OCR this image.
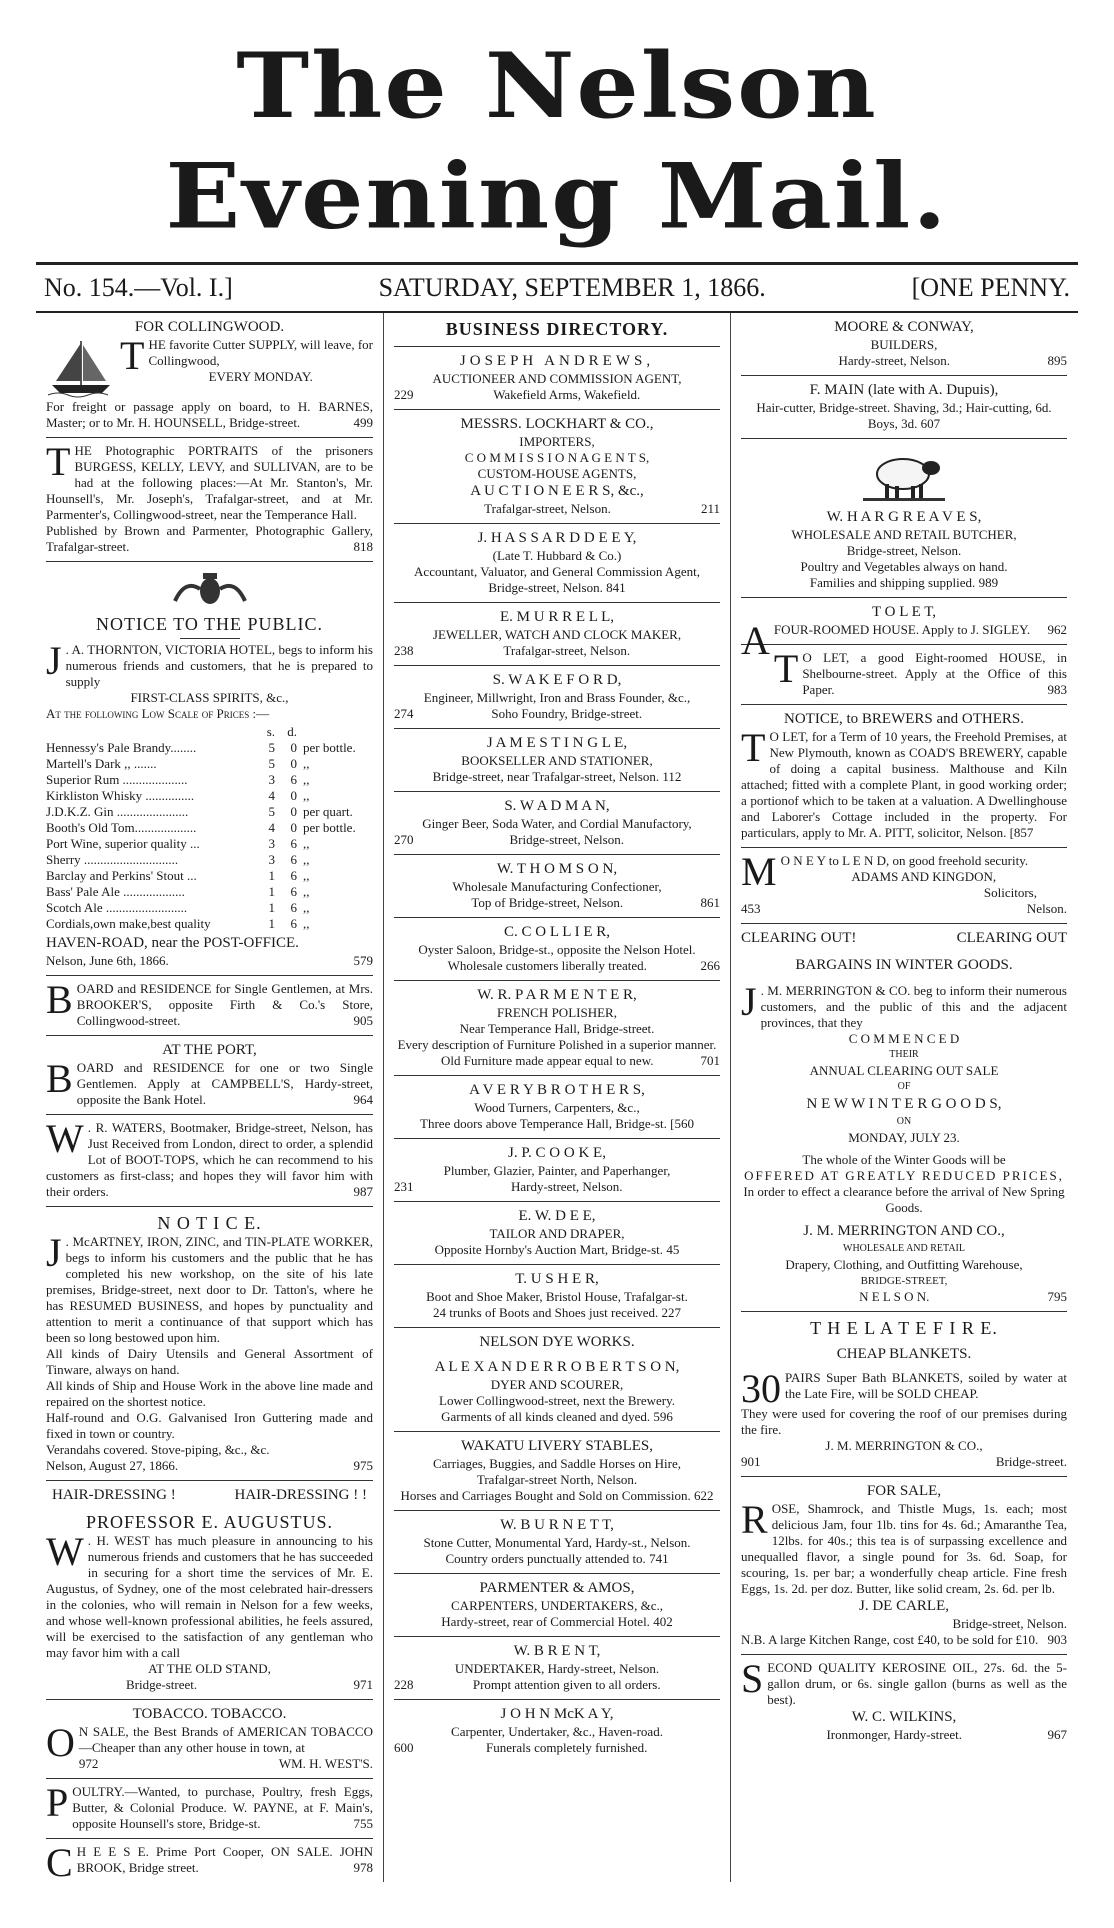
The Nelson Evening Mail.
No. 154.—Vol. I.]	SATURDAY, SEPTEMBER 1, 1866.	[ONE PENNY.
FOR COLLINGWOOD.
THE favorite Cutter SUPPLY, will leave, for Collingwood,
EVERY MONDAY.
For freight or passage apply on board, to H. BARNES, Master; or to Mr. H. HOUNSELL, Bridge-street.	499
THE Photographic PORTRAITS of the prisoners BURGESS, KELLY, LEVY, and SULLIVAN, are to be had at the following places:—At Mr. Stanton's, Mr. Hounsell's, Mr. Joseph's, Trafalgar-street, and at Mr. Parmenter's, Collingwood-street, near the Temperance Hall.
Published by Brown and Parmenter, Photographic Gallery, Trafalgar-street.	818
NOTICE TO THE PUBLIC.
J . A. THORNTON, VICTORIA HOTEL, begs to inform his numerous friends and customers, that he is prepared to supply
FIRST-CLASS SPIRITS, &c.,
At the following Low Scale of Prices :—
s. d.
Hennessy's Pale Brandy........	5	0 per bottle.
Martell's Dark ,, .......	5	0 ,,
Superior Rum ....................	3	6 ,,
Kirkliston Whisky ...............	4	0 ,,
J.D.K.Z. Gin ......................	5	0 per quart.
Booth's Old Tom...................	4	0 per bottle.
Port Wine, superior quality ...	3	6 ,,
Sherry .............................	3	6 ,,
Barclay and Perkins' Stout ...	1	6 ,,
Bass' Pale Ale ...................	1	6 ,,
Scotch Ale .........................	1	6 ,,
Cordials,own make,best quality	1	6 ,,
HAVEN-ROAD, near the POST-OFFICE.
Nelson, June 6th, 1866.	579
BOARD and RESIDENCE for Single Gentlemen, at Mrs. BROOKER'S, opposite Firth & Co.'s Store, Collingwood-street.	905
AT THE PORT,
BOARD and RESIDENCE for one or two Single Gentlemen. Apply at CAMPBELL'S, Hardy-street, opposite the Bank Hotel.	964
W . R. WATERS, Bootmaker, Bridge-street, Nelson, has Just Received from London, direct to order, a splendid Lot of BOOT-TOPS, which he can recommend to his customers as first-class; and hopes they will favor him with their orders.	987
N O T I C E.
J . McARTNEY, IRON, ZINC, and TIN-PLATE WORKER, begs to inform his customers and the public that he has completed his new workshop, on the site of his late premises, Bridge-street, next door to Dr. Tatton's, where he has RESUMED BUSINESS, and hopes by punctuality and attention to merit a continuance of that support which has been so long bestowed upon him.
All kinds of Dairy Utensils and General Assortment of Tinware, always on hand.
All kinds of Ship and House Work in the above line made and repaired on the shortest notice.
Half-round and O.G. Galvanised Iron Guttering made and fixed in town or country.
Verandahs covered. Stove-piping, &c., &c.
Nelson, August 27, 1866.	975
HAIR-DRESSING !	HAIR-DRESSING ! !
PROFESSOR E. AUGUSTUS.
W . H. WEST has much pleasure in announcing to his numerous friends and customers that he has succeeded in securing for a short time the services of Mr. E. Augustus, of Sydney, one of the most celebrated hair-dressers in the colonies, who will remain in Nelson for a few weeks, and whose well-known professional abilities, he feels assured, will be exercised to the satisfaction of any gentleman who may favor him with a call
AT THE OLD STAND,
Bridge-street.	971
TOBACCO. TOBACCO.
O N SALE, the Best Brands of AMERICAN TOBACCO—Cheaper than any other house in town, at
972	WM. H. WEST'S.
POULTRY.—Wanted, to purchase, Poultry, fresh Eggs, Butter, & Colonial Produce. W. PAYNE, at F. Main's, opposite Hounsell's store, Bridge-st.	755
C H E E S E. Prime Port Cooper, ON SALE. JOHN BROOK, Bridge street.	978
BUSINESS DIRECTORY.
JOSEPH ANDREWS,
AUCTIONEER AND COMMISSION AGENT,
229	Wakefield Arms, Wakefield.
MESSRS. LOCKHART & CO.,
IMPORTERS,
C O M M I S S I O N A G E N T S,
CUSTOM-HOUSE AGENTS,
A U C T I O N E E R S, &c.,
Trafalgar-street, Nelson.	211
J. H A S S A R D D E E Y,
(Late T. Hubbard & Co.)
Accountant, Valuator, and General Commission Agent, Bridge-street, Nelson. 841
E. M U R R E L L,
JEWELLER, WATCH AND CLOCK MAKER,
238	Trafalgar-street, Nelson.
S. W A K E F O R D,
Engineer, Millwright, Iron and Brass Founder, &c.,
274	Soho Foundry, Bridge-street.
J A M E S T I N G L E,
BOOKSELLER AND STATIONER,
Bridge-street, near Trafalgar-street, Nelson. 112
S. W A D M A N,
Ginger Beer, Soda Water, and Cordial Manufactory,
270	Bridge-street, Nelson.
W. T H O M S O N,
Wholesale Manufacturing Confectioner,
Top of Bridge-street, Nelson.	861
C. C O L L I E R,
Oyster Saloon, Bridge-st., opposite the Nelson Hotel.
Wholesale customers liberally treated.	266
W. R. P A R M E N T E R,
FRENCH POLISHER,
Near Temperance Hall, Bridge-street.
Every description of Furniture Polished in a superior manner.
Old Furniture made appear equal to new.	701
A V E R Y B R O T H E R S,
Wood Turners, Carpenters, &c.,
Three doors above Temperance Hall, Bridge-st. [560
J. P. C O O K E,
Plumber, Glazier, Painter, and Paperhanger,
231	Hardy-street, Nelson.
E. W. D E E,
TAILOR AND DRAPER,
Opposite Hornby's Auction Mart, Bridge-st. 45
T. U S H E R,
Boot and Shoe Maker, Bristol House, Trafalgar-st.
24 trunks of Boots and Shoes just received. 227
NELSON DYE WORKS.
A L E X A N D E R R O B E R T S O N,
DYER AND SCOURER,
Lower Collingwood-street, next the Brewery.
Garments of all kinds cleaned and dyed. 596
WAKATU LIVERY STABLES,
Carriages, Buggies, and Saddle Horses on Hire,
Trafalgar-street North, Nelson.
Horses and Carriages Bought and Sold on Commission. 622
W. B U R N E T T,
Stone Cutter, Monumental Yard, Hardy-st., Nelson.
Country orders punctually attended to. 741
PARMENTER & AMOS,
CARPENTERS, UNDERTAKERS, &c.,
Hardy-street, rear of Commercial Hotel. 402
W. B R E N T,
UNDERTAKER, Hardy-street, Nelson.
228	Prompt attention given to all orders.
J O H N McK A Y,
Carpenter, Undertaker, &c., Haven-road.
600	Funerals completely furnished.
MOORE & CONWAY,
BUILDERS,
Hardy-street, Nelson.	895
F. MAIN (late with A. Dupuis),
Hair-cutter, Bridge-street. Shaving, 3d.; Hair-cutting, 6d. Boys, 3d. 607
W. H A R G R E A V E S,
WHOLESALE AND RETAIL BUTCHER,
Bridge-street, Nelson.
Poultry and Vegetables always on hand.
Families and shipping supplied. 989
T O L E T,
AFOUR-ROOMED HOUSE. Apply to J. SIGLEY. 962
T O LET, a good Eight-roomed HOUSE, in Shelbourne-street. Apply at the Office of this Paper.	983
NOTICE, to BREWERS and OTHERS.
T O LET, for a Term of 10 years, the Freehold Premises, at New Plymouth, known as COAD'S BREWERY, capable of doing a capital business. Malthouse and Kiln attached; fitted with a complete Plant, in good working order; a portionof which to be taken at a valuation. A Dwellinghouse and Laborer's Cottage included in the property. For particulars, apply to Mr. A. PITT, solicitor, Nelson. [857
M O N E Y to L E N D, on good freehold security.
ADAMS AND KINGDON,
Solicitors,
453	Nelson.
CLEARING OUT!	CLEARING OUT
BARGAINS IN WINTER GOODS.
J . M. MERRINGTON & CO. beg to inform their numerous customers, and the public of this and the adjacent provinces, that they
C O M M E N C E D
THEIR
ANNUAL CLEARING OUT SALE
OF
N E W W I N T E R G O O D S,
ON
MONDAY, JULY 23.
The whole of the Winter Goods will be
OFFERED AT GREATLY REDUCED PRICES,
In order to effect a clearance before the arrival of New Spring Goods.
J. M. MERRINGTON AND CO.,
WHOLESALE AND RETAIL
Drapery, Clothing, and Outfitting Warehouse,
BRIDGE-STREET,
N E L S O N.	795
T H E L A T E F I R E.
CHEAP BLANKETS.
30 PAIRS Super Bath BLANKETS, soiled by water at the Late Fire, will be SOLD CHEAP.
They were used for covering the roof of our premises during the fire.
J. M. MERRINGTON & CO.,
901	Bridge-street.
FOR SALE,
ROSE, Shamrock, and Thistle Mugs, 1s. each; most delicious Jam, four 1lb. tins for 4s. 6d.; Amaranthe Tea, 12lbs. for 40s.; this tea is of surpassing excellence and unequalled flavor, a single pound for 3s. 6d. Soap, for scouring, 1s. per bar; a wonderfully cheap article. Fine fresh Eggs, 1s. 2d. per doz. Butter, like solid cream, 2s. 6d. per lb.
J. DE CARLE,
Bridge-street, Nelson.
N.B. A large Kitchen Range, cost £40, to be sold for £10. 903
SECOND QUALITY KEROSINE OIL, 27s. 6d. the 5-gallon drum, or 6s. single gallon (burns as well as the best).
W. C. WILKINS,
Ironmonger, Hardy-street.	967
